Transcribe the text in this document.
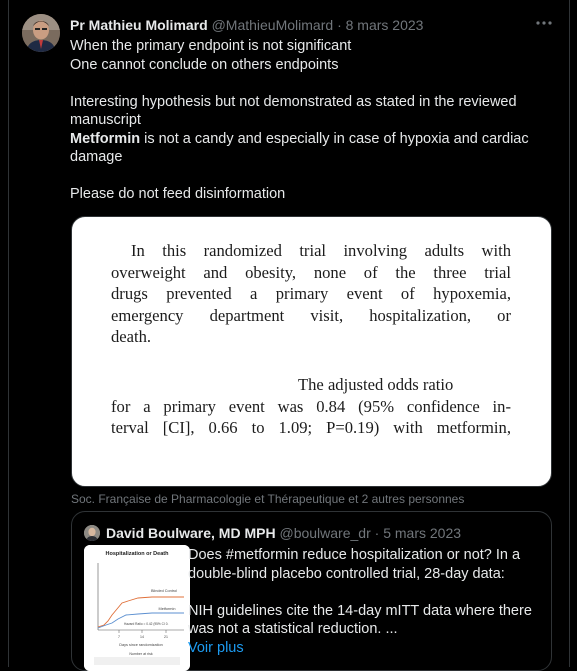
Pr Mathieu Molimard @MathieuMolimard · 8 mars 2023

When the primary endpoint is not significant

One cannot conclude on others endpoints

Interesting hypothesis but not demonstrated as stated in the reviewed manuscript

Metformin is not a candy and especially in case of hypoxia and cardiac damage

Please do not feed disinformation

In this randomized trial involving adults with
overweight and obesity, none of the three trial
drugs prevented a primary event of hypoxemia,
emergency department visit, hospitalization, or
death.
The adjusted odds ratio
for a primary event was 0.84 (95% confidence in-
terval [CI], 0.66 to 1.09; P=0.19) with metformin,
Soc. Française de Pharmacologie et Thérapeutique et 2 autres personnes
David Boulware, MD MPH @boulware_dr · 5 mars 2023
Hospitalization or Death
Blinded Control
Metformin
Hazard Ratio = 0.42 (95% CI 0.
7	14	21
Days since randomization
Number at risk

Does #metformin reduce hospitalization or not? In a double-blind placebo controlled trial, 28-day data:

NIH guidelines cite the 14-day mITT data where there was not a statistical reduction. ...

Voir plus
